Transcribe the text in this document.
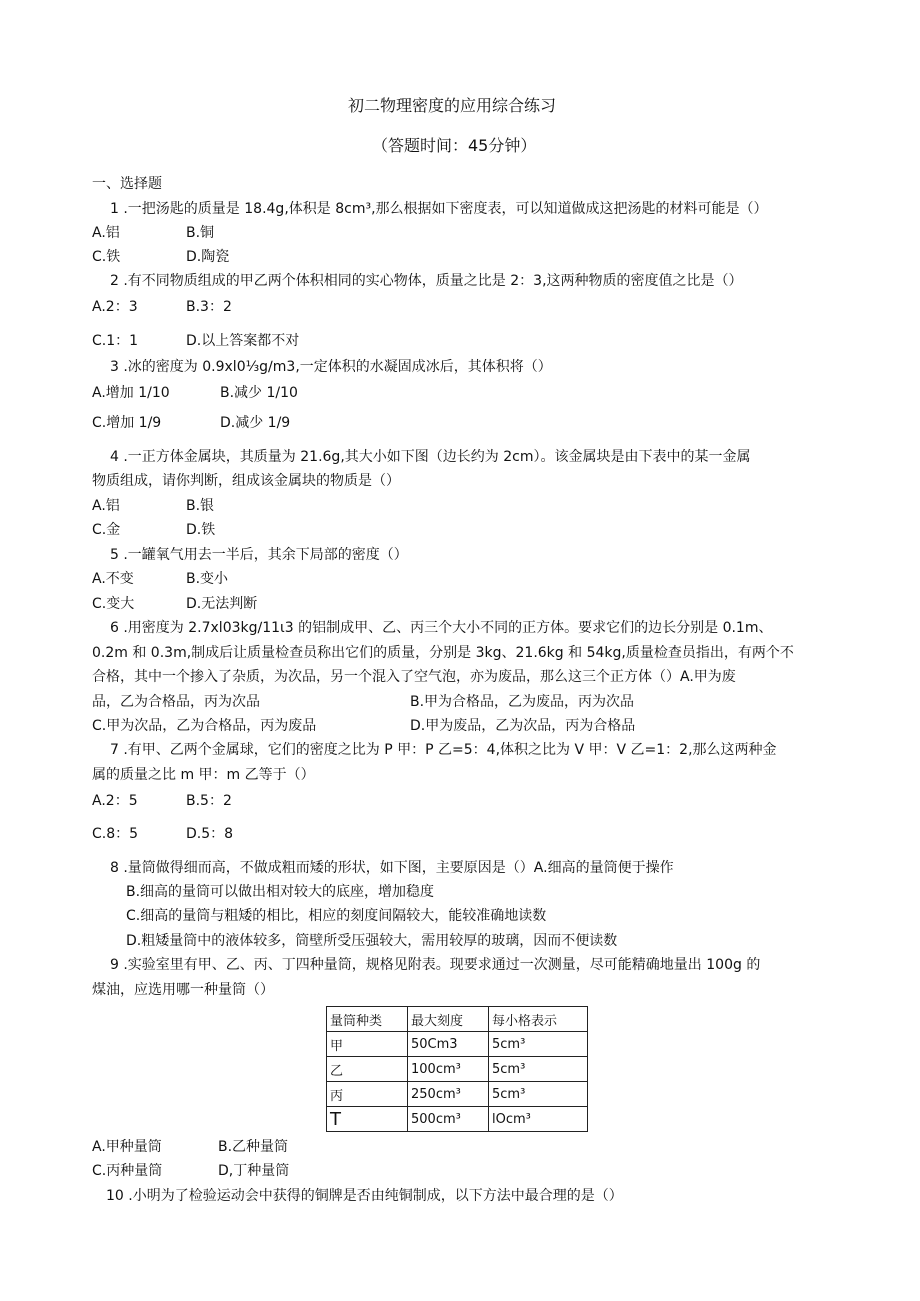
初二物理密度的应用综合练习
（答题时间：45分钟）
一、选择题
1 .一把汤匙的质量是 18.4g,体积是 8cm³,那么根据如下密度表，可以知道做成这把汤匙的材料可能是（）
A.铝	B.铜
C.铁	D.陶瓷
2 .有不同物质组成的甲乙两个体积相同的实心物体，质量之比是 2：3,这两种物质的密度值之比是（）
A.2：3	B.3：2
C.1：1	D.以上答案都不对
3 .冰的密度为 0.9xl0⅓g∕m3,一定体积的水凝固成冰后，其体积将（）
A.增加 1/10	B.减少 1/10
C.增加 1/9	D.减少 1/9
4 .一正方体金属块，其质量为 21.6g,其大小如下图（边长约为 2cm）。该金属块是由下表中的某一金属
物质组成，请你判断，组成该金属块的物质是（）
A.铝	B.银
C.金	D.铁
5 .一罐氧气用去一半后，其余下局部的密度（）
A.不变	B.变小
C.变大	D.无法判断
6 .用密度为 2.7xl03kg∕11ι3 的铝制成甲、乙、丙三个大小不同的正方体。要求它们的边长分别是 0.1m、
0.2m 和 0.3m,制成后让质量检查员称出它们的质量，分别是 3kg、21.6kg 和 54kg,质量检查员指出，有两个不
合格，其中一个掺入了杂质，为次品，另一个混入了空气泡，亦为废品，那么这三个正方体（）A.甲为废
品，乙为合格品，丙为次品	B.甲为合格品，乙为废品，丙为次品
C.甲为次品，乙为合格品，丙为废品	D.甲为废品，乙为次品，丙为合格品
7 .有甲、乙两个金属球，它们的密度之比为 P 甲：P 乙=5：4,体积之比为 V 甲：V 乙=1：2,那么这两种金
属的质量之比 m 甲：m 乙等于（）
A.2：5	B.5：2
C.8：5	D.5：8
8 .量筒做得细而高，不做成粗而矮的形状，如下图，主要原因是（）A.细高的量筒便于操作
B.细高的量筒可以做出相对较大的底座，增加稳度
C.细高的量筒与粗矮的相比，相应的刻度间隔较大，能较准确地读数
D.粗矮量筒中的液体较多，筒壁所受压强较大，需用较厚的玻璃，因而不便读数
9 .实验室里有甲、乙、丙、丁四种量筒，规格见附表。现要求通过一次测量，尽可能精确地量出 100g 的
煤油，应选用哪一种量筒（）
量筒种类	最大刻度	每小格表示
甲	50Cm3	5cm³
乙	100cm³	5cm³
丙	250cm³	5cm³
T	500cm³	lOcm³
A.甲种量筒	B.乙种量筒
C.丙种量筒	D,丁种量筒
10 .小明为了检验运动会中获得的铜牌是否由纯铜制成，以下方法中最合理的是（）
